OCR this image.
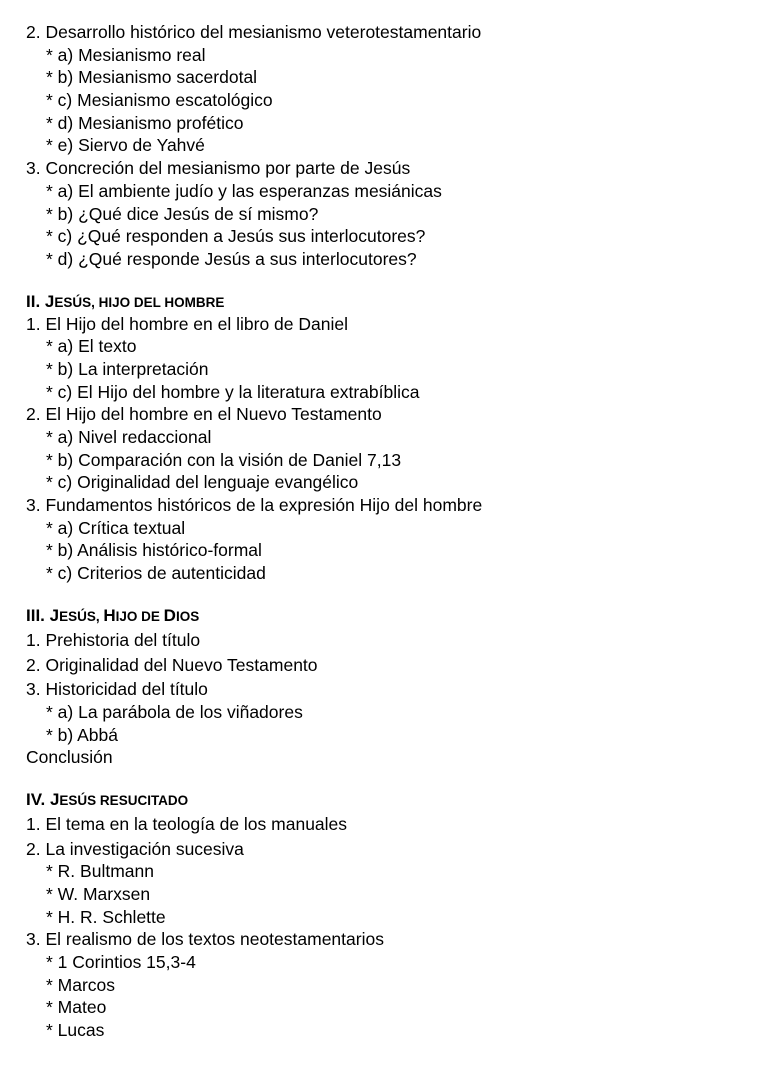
2. Desarrollo histórico del mesianismo veterotestamentario
* a) Mesianismo real
* b) Mesianismo sacerdotal
* c) Mesianismo escatológico
* d) Mesianismo profético
* e) Siervo de Yahvé
3. Concreción del mesianismo por parte de Jesús
* a) El ambiente judío y las esperanzas mesiánicas
* b) ¿Qué dice Jesús de sí mismo?
* c) ¿Qué responden a Jesús sus interlocutores?
* d) ¿Qué responde Jesús a sus interlocutores?
II. JESÚS, HIJO DEL HOMBRE
1. El Hijo del hombre en el libro de Daniel
* a) El texto
* b) La interpretación
* c) El Hijo del hombre y la literatura extrabíblica
2. El Hijo del hombre en el Nuevo Testamento
* a) Nivel redaccional
* b) Comparación con la visión de Daniel 7,13
* c) Originalidad del lenguaje evangélico
3. Fundamentos históricos de la expresión Hijo del hombre
* a) Crítica textual
* b) Análisis histórico-formal
* c) Criterios de autenticidad
III. JESÚS, HIJO DE DIOS
1. Prehistoria del título
2. Originalidad del Nuevo Testamento
3. Historicidad del título
* a) La parábola de los viñadores
* b) Abbá
Conclusión
IV. JESÚS RESUCITADO
1. El tema en la teología de los manuales
2. La investigación sucesiva
* R. Bultmann
* W. Marxsen
* H. R. Schlette
3. El realismo de los textos neotestamentarios
* 1 Corintios 15,3-4
* Marcos
* Mateo
* Lucas
